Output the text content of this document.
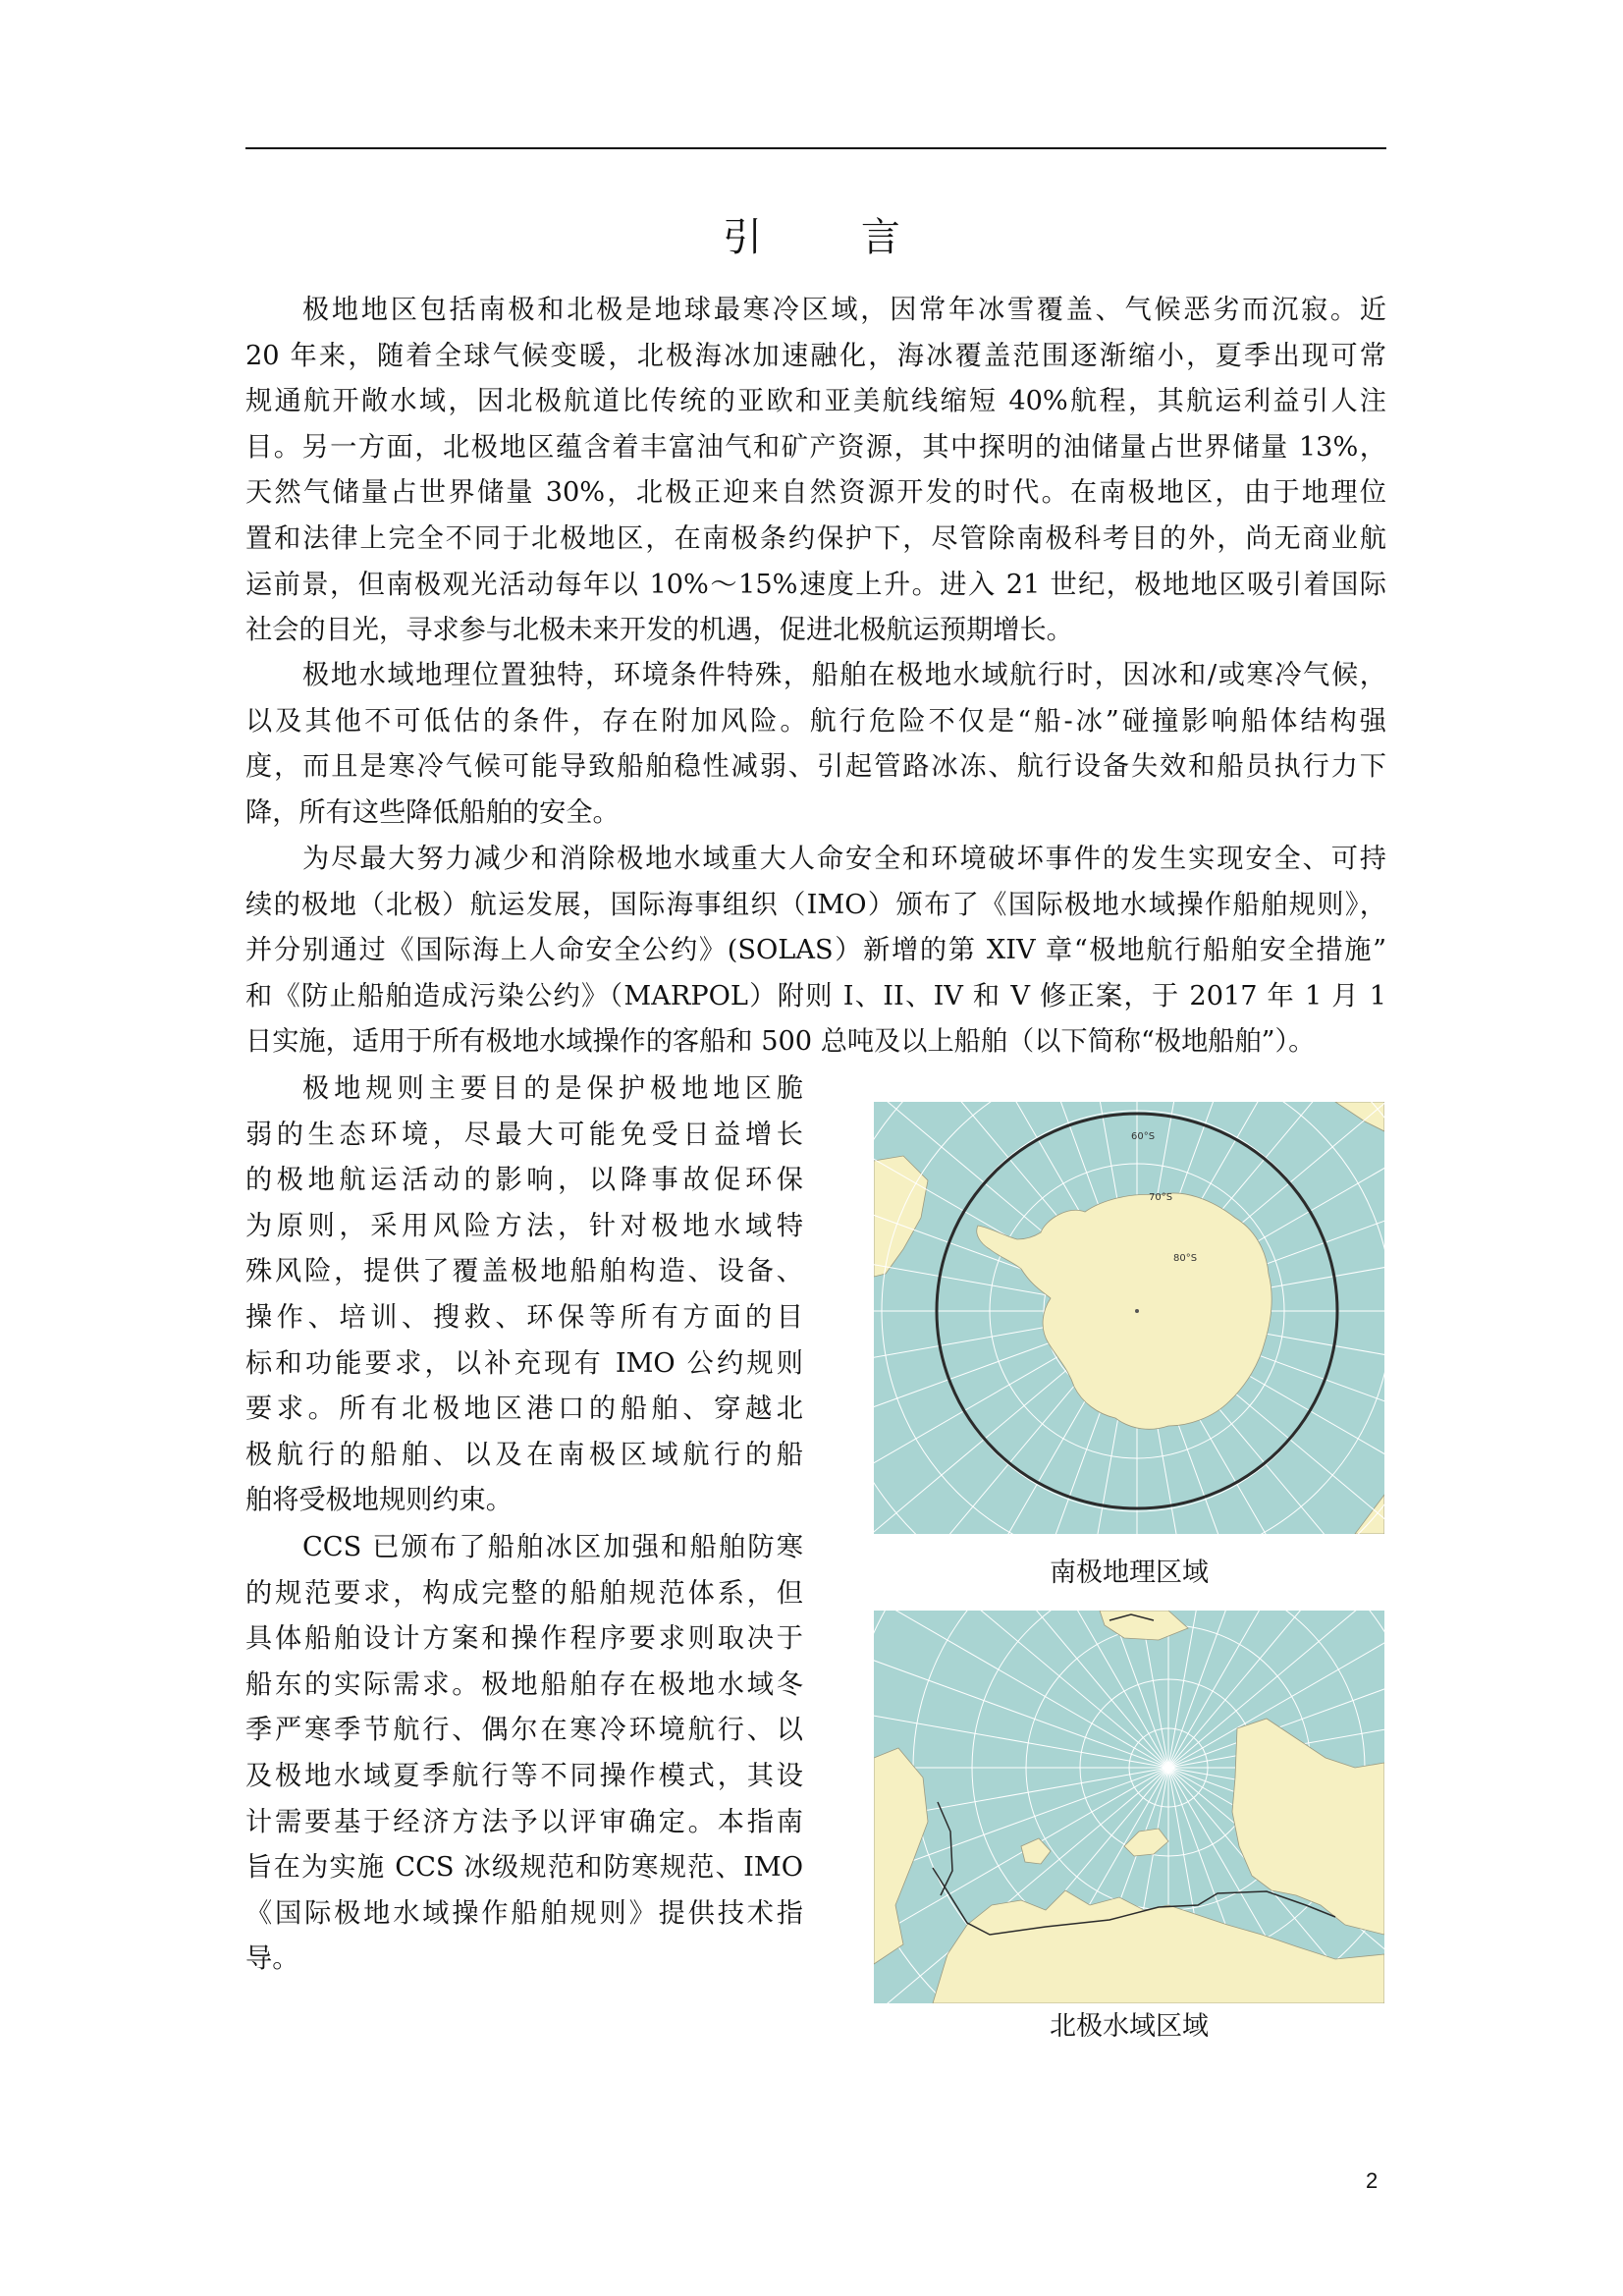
引 言
极地地区包括南极和北极是地球最寒冷区域，因常年冰雪覆盖、气候恶劣而沉寂。近
20 年来，随着全球气候变暖，北极海冰加速融化，海冰覆盖范围逐渐缩小，夏季出现可常
规通航开敞水域，因北极航道比传统的亚欧和亚美航线缩短 40%航程，其航运利益引人注
目。另一方面，北极地区蕴含着丰富油气和矿产资源，其中探明的油储量占世界储量 13%，
天然气储量占世界储量 30%，北极正迎来自然资源开发的时代。在南极地区，由于地理位
置和法律上完全不同于北极地区，在南极条约保护下，尽管除南极科考目的外，尚无商业航
运前景，但南极观光活动每年以 10%～15%速度上升。进入 21 世纪，极地地区吸引着国际
社会的目光，寻求参与北极未来开发的机遇，促进北极航运预期增长。
极地水域地理位置独特，环境条件特殊，船舶在极地水域航行时，因冰和/或寒冷气候，
以及其他不可低估的条件，存在附加风险。航行危险不仅是“船-冰”碰撞影响船体结构强
度，而且是寒冷气候可能导致船舶稳性减弱、引起管路冰冻、航行设备失效和船员执行力下
降，所有这些降低船舶的安全。
为尽最大努力减少和消除极地水域重大人命安全和环境破坏事件的发生实现安全、可持
续的极地（北极）航运发展，国际海事组织（IMO）颁布了《国际极地水域操作船舶规则》，
并分别通过《国际海上人命安全公约》(SOLAS）新增的第 XIV 章“极地航行船舶安全措施”
和《防止船舶造成污染公约》（MARPOL）附则 I、II、IV 和 V 修正案，于 2017 年 1 月 1
日实施，适用于所有极地水域操作的客船和 500 总吨及以上船舶（以下简称“极地船舶”）。
极地规则主要目的是保护极地地区脆
弱的生态环境，尽最大可能免受日益增长
的极地航运活动的影响，以降事故促环保
为原则，采用风险方法，针对极地水域特
殊风险，提供了覆盖极地船舶构造、设备、
操作、培训、搜救、环保等所有方面的目
标和功能要求，以补充现有 IMO 公约规则
要求。所有北极地区港口的船舶、穿越北
极航行的船舶、以及在南极区域航行的船
舶将受极地规则约束。
CCS 已颁布了船舶冰区加强和船舶防寒
的规范要求，构成完整的船舶规范体系，但
具体船舶设计方案和操作程序要求则取决于
船东的实际需求。极地船舶存在极地水域冬
季严寒季节航行、偶尔在寒冷环境航行、以
及极地水域夏季航行等不同操作模式，其设
计需要基于经济方法予以评审确定。本指南
旨在为实施 CCS 冰级规范和防寒规范、IMO
《国际极地水域操作船舶规则》提供技术指
导。
60°S
70°S
80°S
南极地理区域
北极水域区域
2
